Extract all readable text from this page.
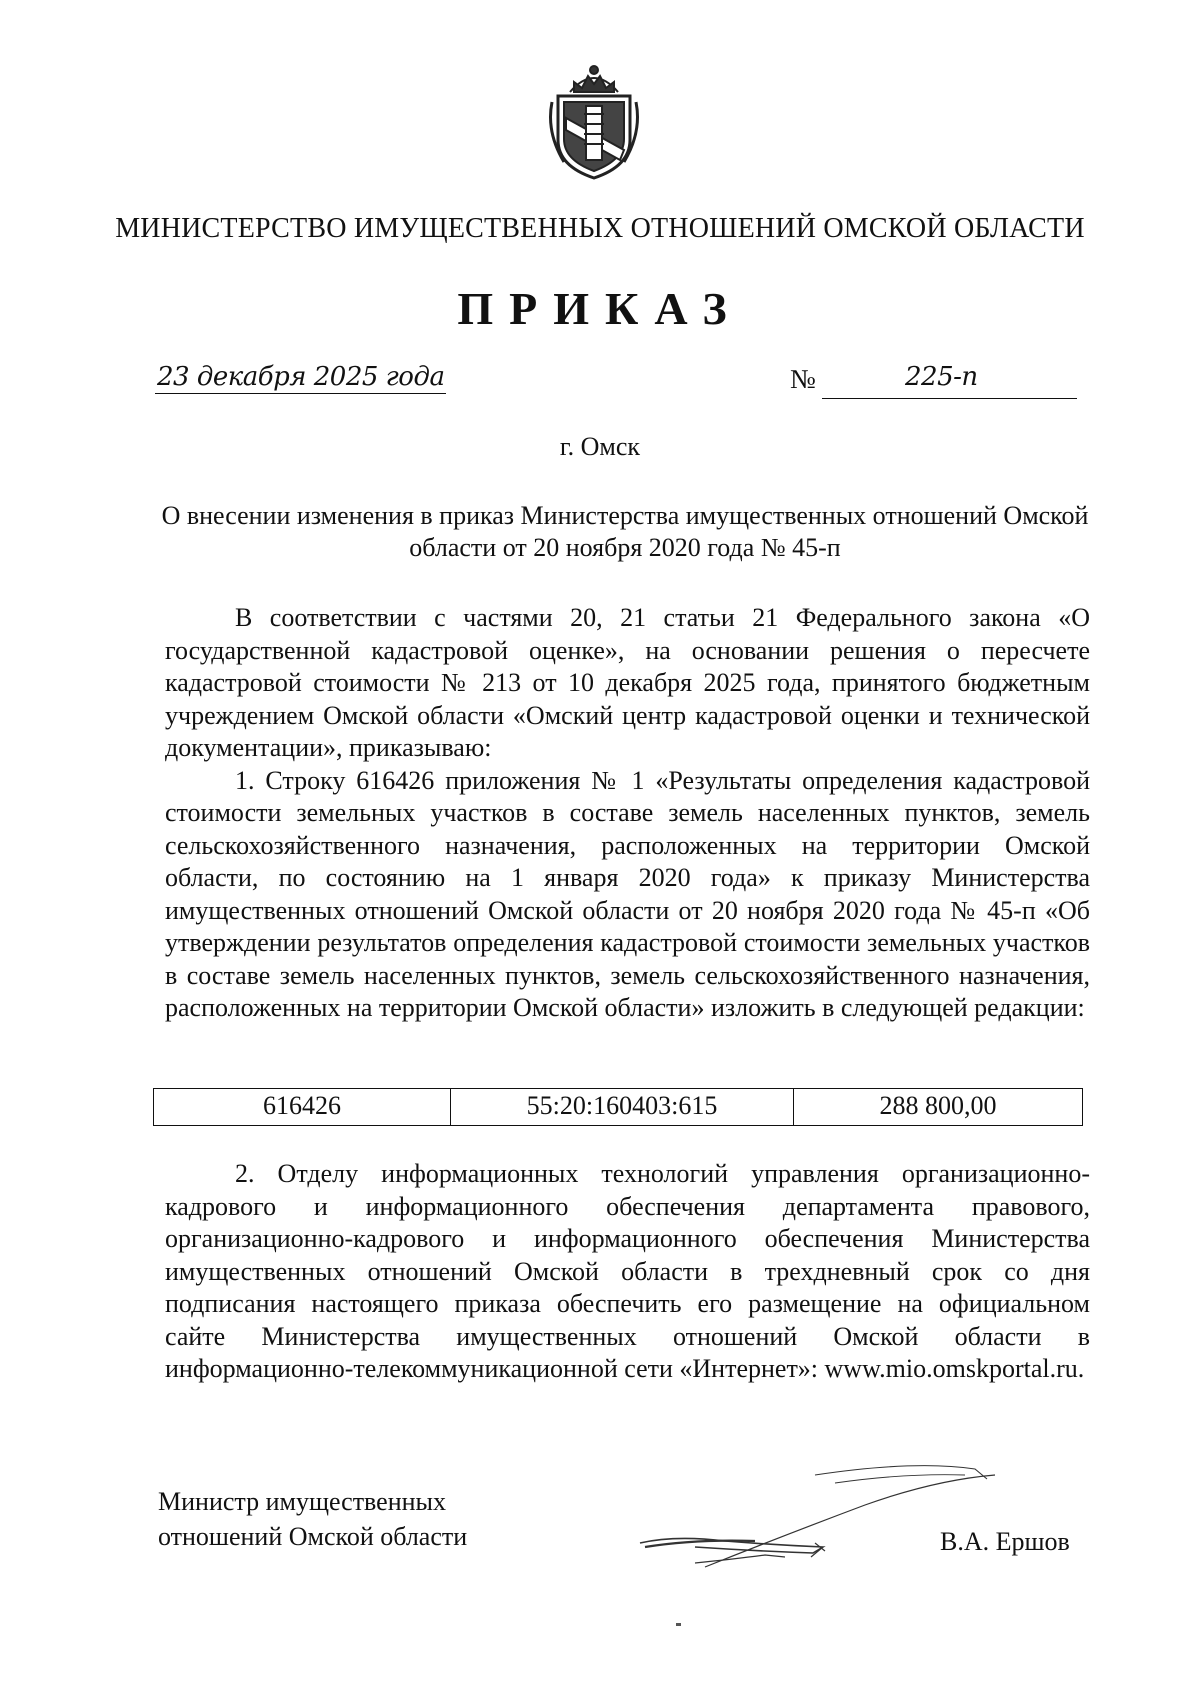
МИНИСТЕРСТВО ИМУЩЕСТВЕННЫХ ОТНОШЕНИЙ ОМСКОЙ ОБЛАСТИ
ПРИКАЗ
23 декабря 2025 года	№	225-п
г. Омск
О внесении изменения в приказ Министерства имущественных отношений Омской области от 20 ноября 2020 года № 45-п

В соответствии с частями 20, 21 статьи 21 Федерального закона «О государственной кадастровой оценке», на основании решения о пересчете кадастровой стоимости № 213 от 10 декабря 2025 года, принятого бюджетным учреждением Омской области «Омский центр кадастровой оценки и технической документации», приказываю:

1. Строку 616426 приложения № 1 «Результаты определения кадастровой стоимости земельных участков в составе земель населенных пунктов, земель сельскохозяйственного назначения, расположенных на территории Омской области, по состоянию на 1 января 2020 года» к приказу Министерства имущественных отношений Омской области от 20 ноября 2020 года № 45-п «Об утверждении результатов определения кадастровой стоимости земельных участков в составе земель населенных пунктов, земель сельскохозяйственного назначения, расположенных на территории Омской области» изложить в следующей редакции:

616426	55:20:160403:615	288 800,00

2. Отделу информационных технологий управления организационно-кадрового и информационного обеспечения департамента правового, организационно-кадрового и информационного обеспечения Министерства имущественных отношений Омской области в трехдневный срок со дня подписания настоящего приказа обеспечить его размещение на официальном сайте Министерства имущественных отношений Омской области в информационно-телекоммуникационной сети «Интернет»: www.mio.omskportal.ru.

Министр имущественных
отношений Омской области	В.А. Ершов
